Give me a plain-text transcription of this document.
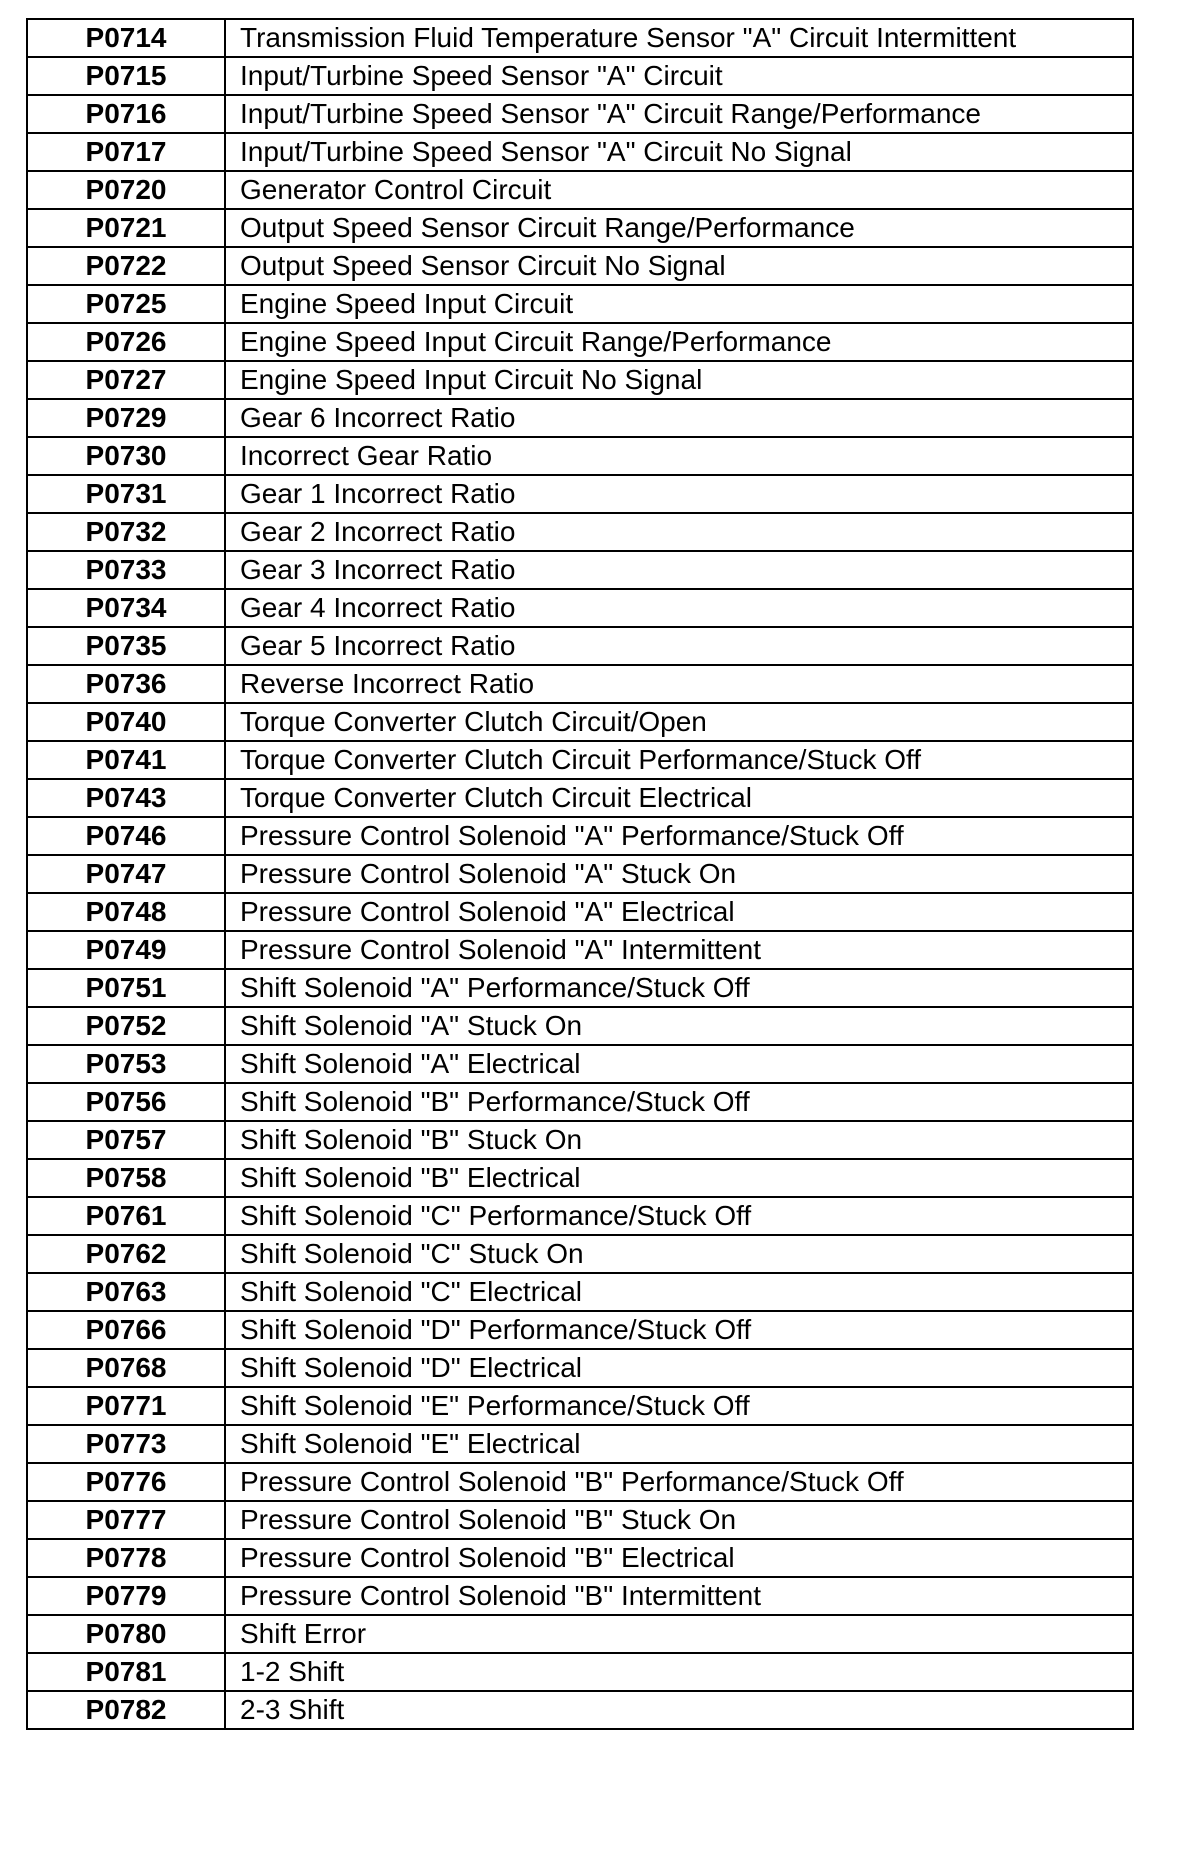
P0714	Transmission Fluid Temperature Sensor "A" Circuit Intermittent
P0715	Input/Turbine Speed Sensor "A" Circuit
P0716	Input/Turbine Speed Sensor "A" Circuit Range/Performance
P0717	Input/Turbine Speed Sensor "A" Circuit No Signal
P0720	Generator Control Circuit
P0721	Output Speed Sensor Circuit Range/Performance
P0722	Output Speed Sensor Circuit No Signal
P0725	Engine Speed Input Circuit
P0726	Engine Speed Input Circuit Range/Performance
P0727	Engine Speed Input Circuit No Signal
P0729	Gear 6 Incorrect Ratio
P0730	Incorrect Gear Ratio
P0731	Gear 1 Incorrect Ratio
P0732	Gear 2 Incorrect Ratio
P0733	Gear 3 Incorrect Ratio
P0734	Gear 4 Incorrect Ratio
P0735	Gear 5 Incorrect Ratio
P0736	Reverse Incorrect Ratio
P0740	Torque Converter Clutch Circuit/Open
P0741	Torque Converter Clutch Circuit Performance/Stuck Off
P0743	Torque Converter Clutch Circuit Electrical
P0746	Pressure Control Solenoid "A" Performance/Stuck Off
P0747	Pressure Control Solenoid "A" Stuck On
P0748	Pressure Control Solenoid "A" Electrical
P0749	Pressure Control Solenoid "A" Intermittent
P0751	Shift Solenoid "A" Performance/Stuck Off
P0752	Shift Solenoid "A" Stuck On
P0753	Shift Solenoid "A" Electrical
P0756	Shift Solenoid "B" Performance/Stuck Off
P0757	Shift Solenoid "B" Stuck On
P0758	Shift Solenoid "B" Electrical
P0761	Shift Solenoid "C" Performance/Stuck Off
P0762	Shift Solenoid "C" Stuck On
P0763	Shift Solenoid "C" Electrical
P0766	Shift Solenoid "D" Performance/Stuck Off
P0768	Shift Solenoid "D" Electrical
P0771	Shift Solenoid "E" Performance/Stuck Off
P0773	Shift Solenoid "E" Electrical
P0776	Pressure Control Solenoid "B" Performance/Stuck Off
P0777	Pressure Control Solenoid "B" Stuck On
P0778	Pressure Control Solenoid "B" Electrical
P0779	Pressure Control Solenoid "B" Intermittent
P0780	Shift Error
P0781	1-2 Shift
P0782	2-3 Shift
